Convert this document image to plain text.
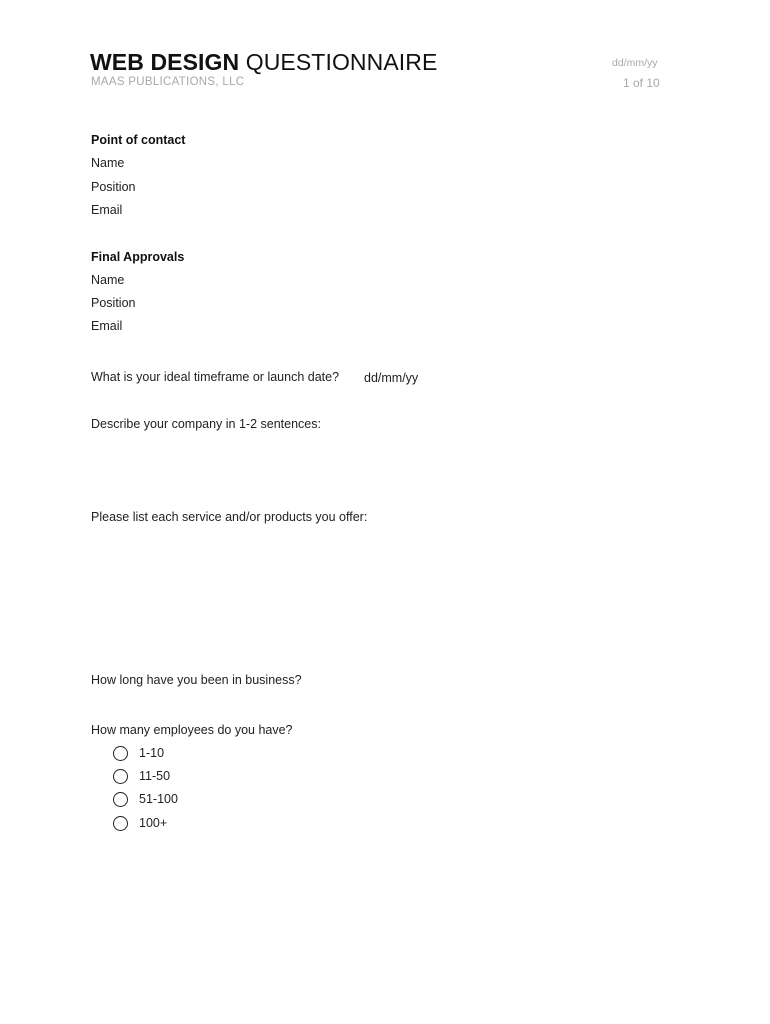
WEB DESIGN QUESTIONNAIRE
MAAS PUBLICATIONS, LLC
dd/mm/yy
1 of 10
Point of contact
Name
Position
Email
Final Approvals
Name
Position
Email
What is your ideal timeframe or launch date? dd/mm/yy
Describe your company in 1-2 sentences:
Please list each service and/or products you offer:
How long have you been in business?
How many employees do you have?
1-10
11-50
51-100
100+
